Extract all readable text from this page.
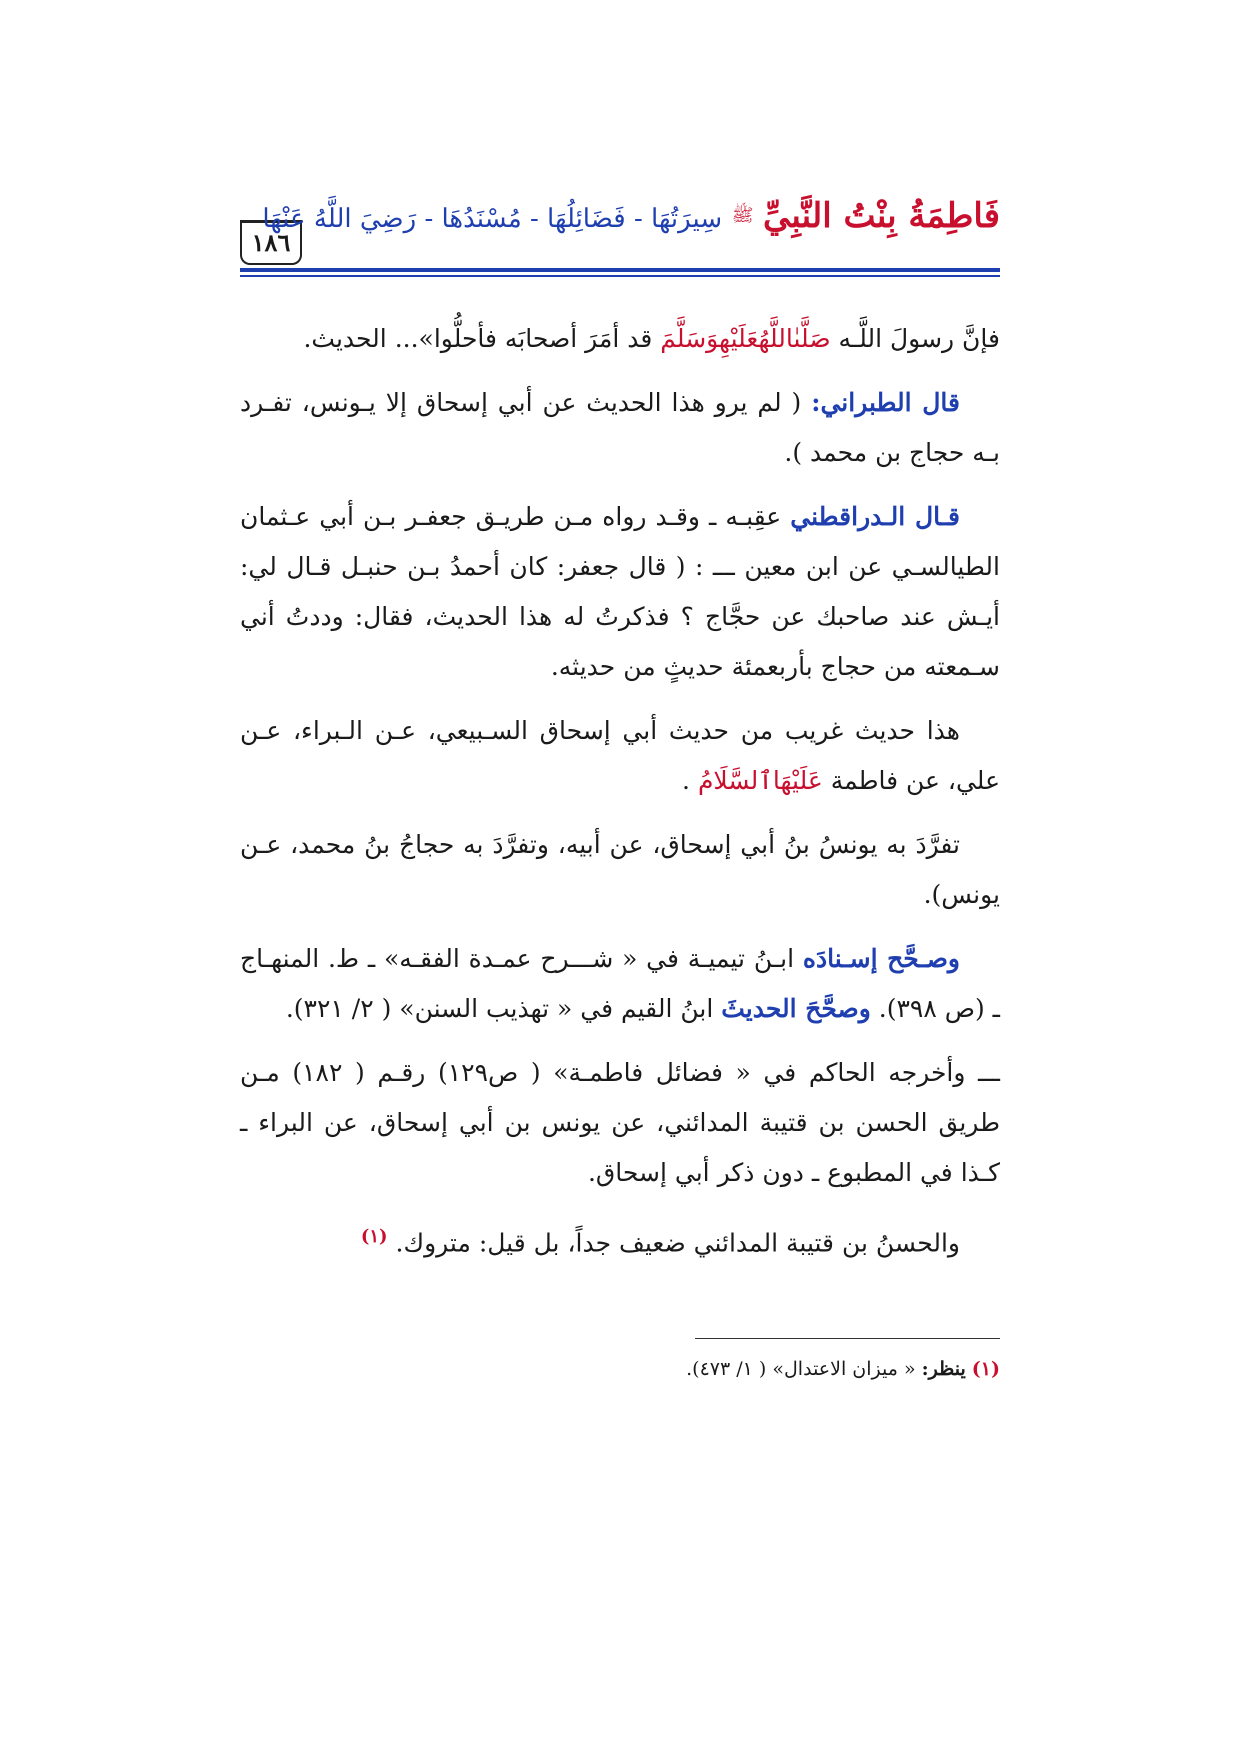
١٨٦
فَاطِمَةُ بِنْتُ النَّبِيِّ $^ﷺ$ سِيرَتُهَا - فَضَائِلُهَا - مُسْنَدُهَا - رَضِيَ اللَّهُ عَنْهَا

فإنَّ رسولَ اللَّـه صَلَّىٰاللَّهُعَلَيْهِوَسَلَّمَ قد أمَرَ أصحابَه فأحلُّوا»... الحديث.

قال الطبراني: ( لم يرو هذا الحديث عن أبي إسحاق إلا يـونس، تفـرد بـه حجاج بن محمد ).

قـال الـدراقطني عقِبـه ـ وقـد رواه مـن طريـق جعفـر بـن أبي عـثمان الطيالسـي عن ابن معين ـــ : ( قال جعفر: كان أحمدُ بـن حنبـل قـال لي: أيـش عند صاحبك عن حجَّاج ؟ فذكرتُ له هذا الحديث، فقال: وددتُ أني سـمعته من حجاج بأربعمئة حديثٍ من حديثه.

هذا حديث غريب من حديث أبي إسحاق السـبيعي، عـن الـبراء، عـن علي، عن فاطمة عَلَيْهَاٱلسَّلَامُ .

تفرَّدَ به يونسُ بنُ أبي إسحاق، عن أبيه، وتفرَّدَ به حجاجُ بنُ محمد، عـن يونس).

وصـحَّح إسـنادَه ابـنُ تيميـة في « شـــرح عمـدة الفقـه» ـ ط. المنهـاج ـ (ص ٣٩٨). وصحَّحَ الحديثَ ابنُ القيم في « تهذيب السنن» ( ٢/ ٣٢١).

ـــ وأخرجه الحاكم في « فضائل فاطمـة» ( ص١٢٩) رقـم ( ١٨٢) مـن طريق الحسن بن قتيبة المدائني، عن يونس بن أبي إسحاق، عن البراء ـ كـذا في المطبوع ـ دون ذكر أبي إسحاق.

والحسنُ بن قتيبة المدائني ضعيف جداً، بل قيل: متروك. $^{(١)}$

(١) ينظر: « ميزان الاعتدال» ( ١/ ٤٧٣).
